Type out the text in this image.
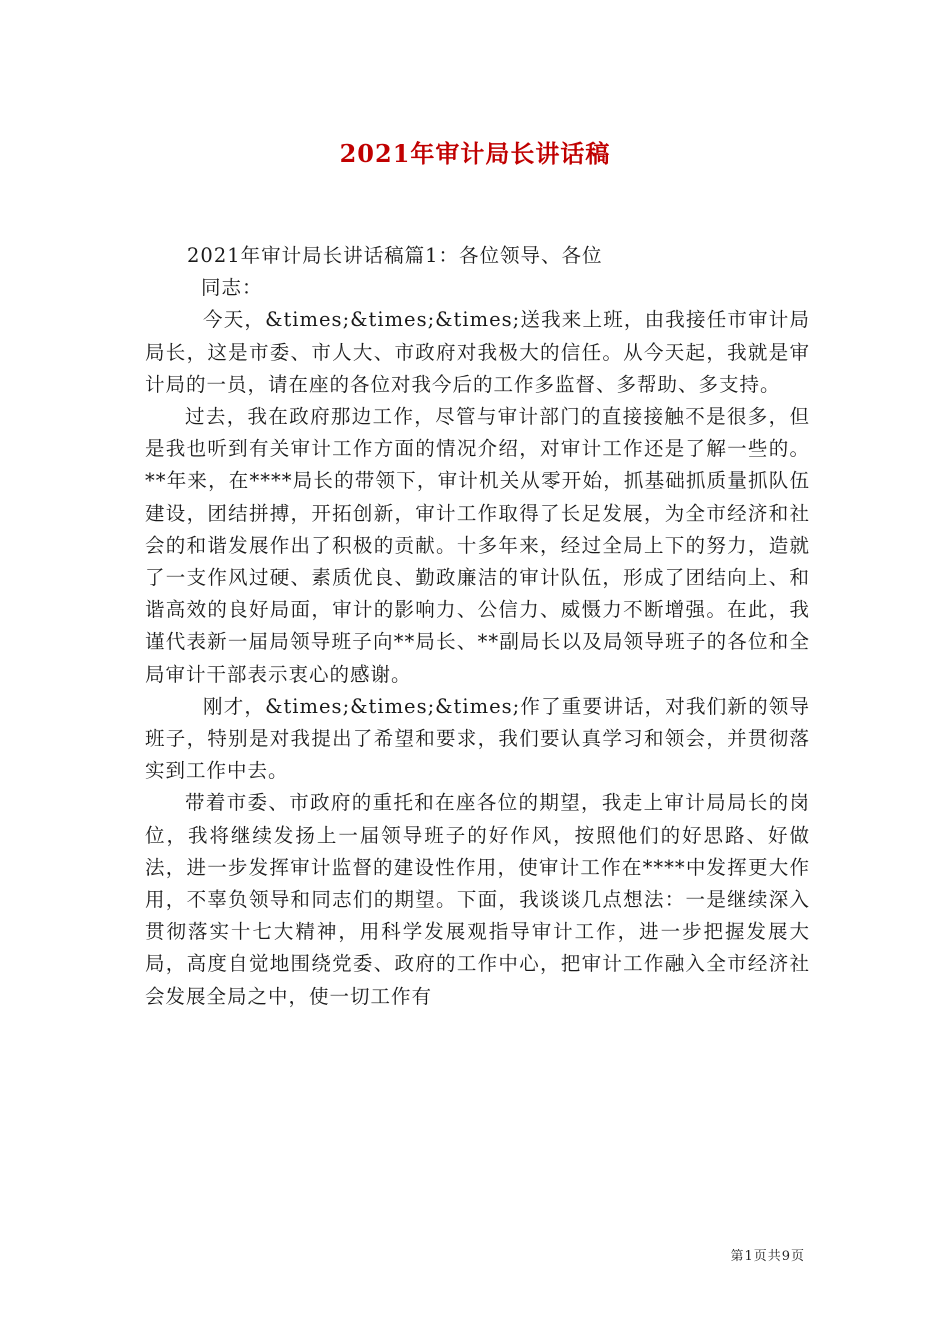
2021年审计局长讲话稿

2021年审计局长讲话稿篇1：各位领导、各位

同志：

今天，&times;&times;&times;送我来上班，由我接任市审计局局长，这是市委、市人大、市政府对我极大的信任。从今天起，我就是审计局的一员，请在座的各位对我今后的工作多监督、多帮助、多支持。

过去，我在政府那边工作，尽管与审计部门的直接接触不是很多，但是我也听到有关审计工作方面的情况介绍，对审计工作还是了解一些的。**年来，在****局长的带领下，审计机关从零开始，抓基础抓质量抓队伍建设，团结拼搏，开拓创新，审计工作取得了长足发展，为全市经济和社会的和谐发展作出了积极的贡献。十多年来，经过全局上下的努力，造就了一支作风过硬、素质优良、勤政廉洁的审计队伍，形成了团结向上、和谐高效的良好局面，审计的影响力、公信力、威慑力不断增强。在此，我谨代表新一届局领导班子向**局长、**副局长以及局领导班子的各位和全局审计干部表示衷心的感谢。

刚才，&times;&times;&times;作了重要讲话，对我们新的领导班子，特别是对我提出了希望和要求，我们要认真学习和领会，并贯彻落实到工作中去。

带着市委、市政府的重托和在座各位的期望，我走上审计局局长的岗位，我将继续发扬上一届领导班子的好作风，按照他们的好思路、好做法，进一步发挥审计监督的建设性作用，使审计工作在****中发挥更大作用，不辜负领导和同志们的期望。下面，我谈谈几点想法：一是继续深入贯彻落实十七大精神，用科学发展观指导审计工作，进一步把握发展大局，高度自觉地围绕党委、政府的工作中心，把审计工作融入全市经济社会发展全局之中，使一切工作有

第1页共9页
